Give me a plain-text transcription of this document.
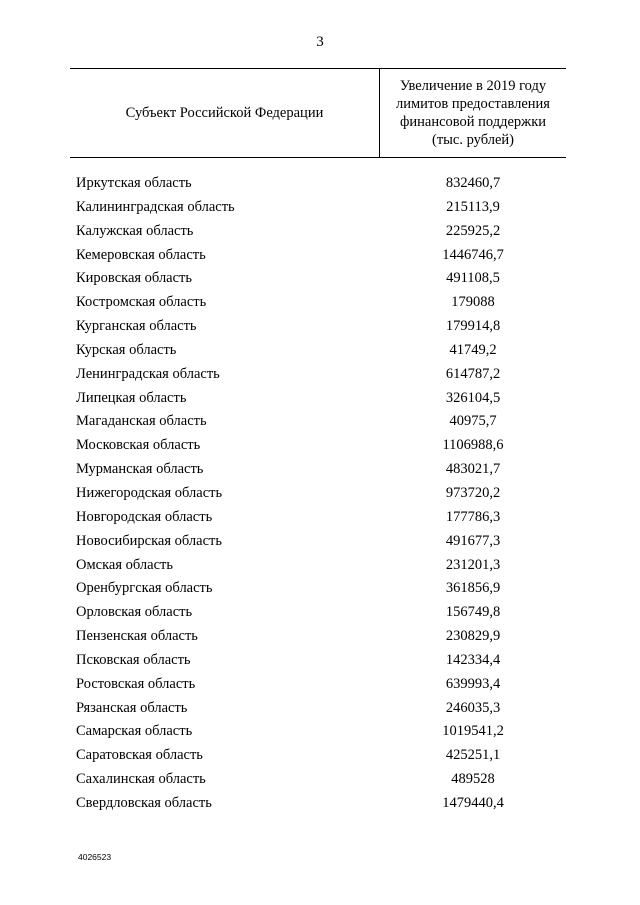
3
Субъект Российской Федерации
Увеличение в 2019 году
лимитов предоставления
финансовой поддержки
(тыс. рублей)
Иркутская область	832460,7
Калининградская область	215113,9
Калужская область	225925,2
Кемеровская область	1446746,7
Кировская область	491108,5
Костромская область	179088
Курганская область	179914,8
Курская область	41749,2
Ленинградская область	614787,2
Липецкая область	326104,5
Магаданская область	40975,7
Московская область	1106988,6
Мурманская область	483021,7
Нижегородская область	973720,2
Новгородская область	177786,3
Новосибирская область	491677,3
Омская область	231201,3
Оренбургская область	361856,9
Орловская область	156749,8
Пензенская область	230829,9
Псковская область	142334,4
Ростовская область	639993,4
Рязанская область	246035,3
Самарская область	1019541,2
Саратовская область	425251,1
Сахалинская область	489528
Свердловская область	1479440,4
4026523
